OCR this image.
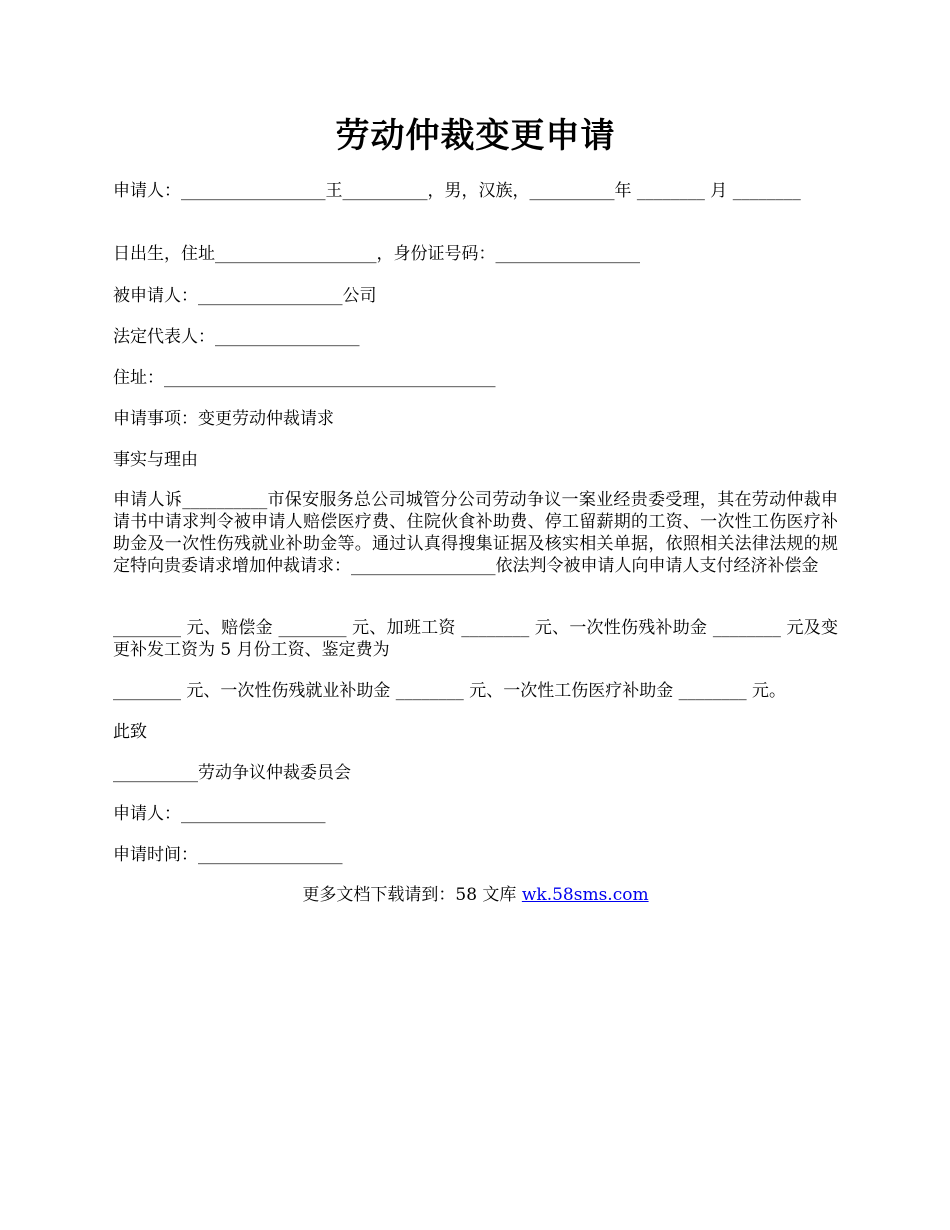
劳动仲裁变更申请

申请人：_________________王__________，男，汉族，__________年 ________ 月 ________

日出生，住址___________________，身份证号码：_________________

被申请人：_________________公司

法定代表人：_________________

住址：_______________________________________

申请事项：变更劳动仲裁请求

事实与理由

申请人诉__________市保安服务总公司城管分公司劳动争议一案业经贵委受理，其在劳动仲裁申请书中请求判令被申请人赔偿医疗费、住院伙食补助费、停工留薪期的工资、一次性工伤医疗补助金及一次性伤残就业补助金等。通过认真得搜集证据及核实相关单据，依照相关法律法规的规定特向贵委请求增加仲裁请求：_________________依法判令被申请人向申请人支付经济补偿金

________ 元、赔偿金 ________ 元、加班工资 ________ 元、一次性伤残补助金 ________ 元及变更补发工资为 5 月份工资、鉴定费为

________ 元、一次性伤残就业补助金 ________ 元、一次性工伤医疗补助金 ________ 元。

此致

__________劳动争议仲裁委员会

申请人：_________________

申请时间：_________________

更多文档下载请到：58 文库 wk.58sms.com
